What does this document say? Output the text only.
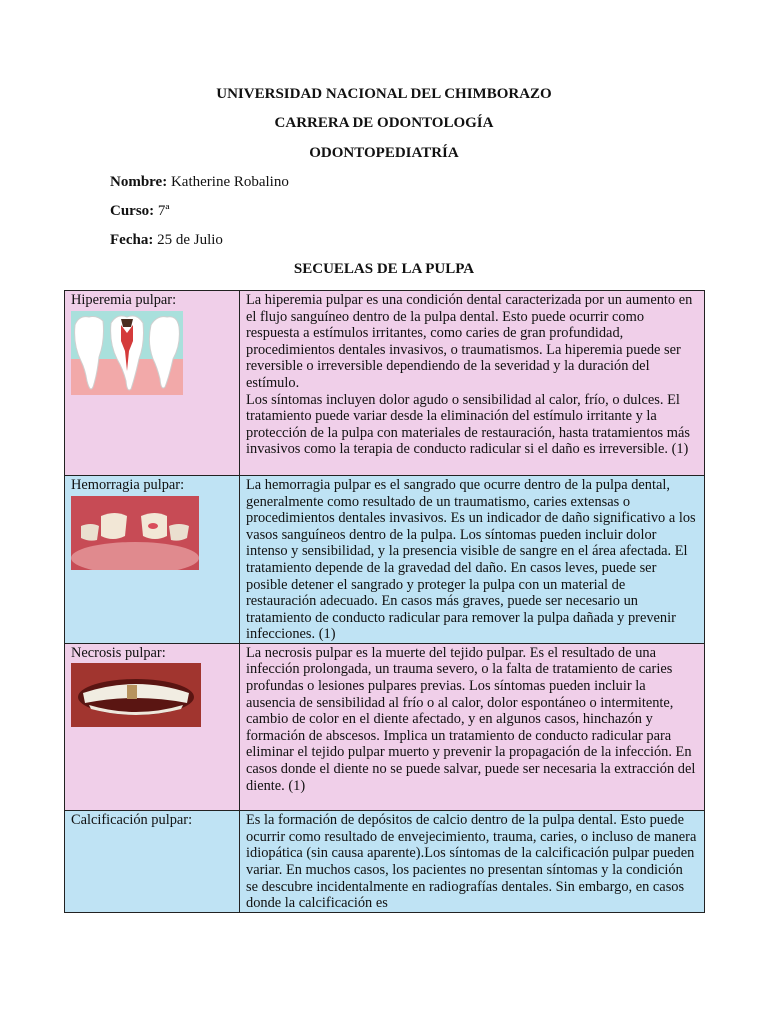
UNIVERSIDAD NACIONAL DEL CHIMBORAZO
CARRERA DE ODONTOLOGÍA
ODONTOPEDIATRÍA
Nombre: Katherine Robalino
Curso: 7ª
Fecha: 25 de Julio
SECUELAS DE LA PULPA
Hiperemia pulpar:	La hiperemia pulpar es una condición dental caracterizada por un aumento en el flujo sanguíneo dentro de la pulpa dental. Esto puede ocurrir como respuesta a estímulos irritantes, como caries de gran profundidad, procedimientos dentales invasivos, o traumatismos. La hiperemia puede ser reversible o irreversible dependiendo de la severidad y la duración del estímulo.

Los síntomas incluyen dolor agudo o sensibilidad al calor, frío, o dulces. El tratamiento puede variar desde la eliminación del estímulo irritante y la protección de la pulpa con materiales de restauración, hasta tratamientos más invasivos como la terapia de conducto radicular si el daño es irreversible. (1)

Hemorragia pulpar:	La hemorragia pulpar es el sangrado que ocurre dentro de la pulpa dental, generalmente como resultado de un traumatismo, caries extensas o procedimientos dentales invasivos. Es un indicador de daño significativo a los vasos sanguíneos dentro de la pulpa. Los síntomas pueden incluir dolor intenso y sensibilidad, y la presencia visible de sangre en el área afectada. El tratamiento depende de la gravedad del daño. En casos leves, puede ser posible detener el sangrado y proteger la pulpa con un material de restauración adecuado. En casos más graves, puede ser necesario un tratamiento de conducto radicular para remover la pulpa dañada y prevenir infecciones. (1)

Necrosis pulpar:	La necrosis pulpar es la muerte del tejido pulpar. Es el resultado de una infección prolongada, un trauma severo, o la falta de tratamiento de caries profundas o lesiones pulpares previas. Los síntomas pueden incluir la ausencia de sensibilidad al frío o al calor, dolor espontáneo o intermitente, cambio de color en el diente afectado, y en algunos casos, hinchazón y formación de abscesos. Implica un tratamiento de conducto radicular para eliminar el tejido pulpar muerto y prevenir la propagación de la infección. En casos donde el diente no se puede salvar, puede ser necesaria la extracción del diente. (1)

Calcificación pulpar:	Es la formación de depósitos de calcio dentro de la pulpa dental. Esto puede ocurrir como resultado de envejecimiento, trauma, caries, o incluso de manera idiopática (sin causa aparente).Los síntomas de la calcificación pulpar pueden variar. En muchos casos, los pacientes no presentan síntomas y la condición se descubre incidentalmente en radiografías dentales. Sin embargo, en casos donde la calcificación es
